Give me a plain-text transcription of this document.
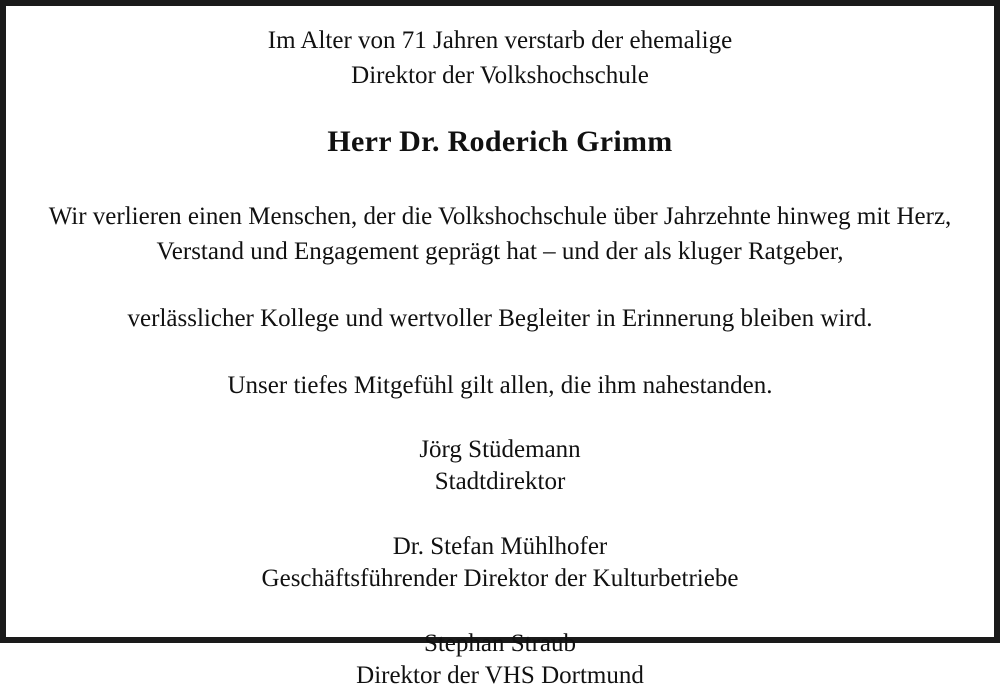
Im Alter von 71 Jahren verstarb der ehemalige
Direktor der Volkshochschule
Herr Dr. Roderich Grimm
Wir verlieren einen Menschen, der die Volkshochschule über Jahrzehnte hinweg mit Herz,
Verstand und Engagement geprägt hat – und der als kluger Ratgeber,
verlässlicher Kollege und wertvoller Begleiter in Erinnerung bleiben wird.
Unser tiefes Mitgefühl gilt allen, die ihm nahestanden.
Jörg Stüdemann
Stadtdirektor
Dr. Stefan Mühlhofer
Geschäftsführender Direktor der Kulturbetriebe
Stephan Straub
Direktor der VHS Dortmund
